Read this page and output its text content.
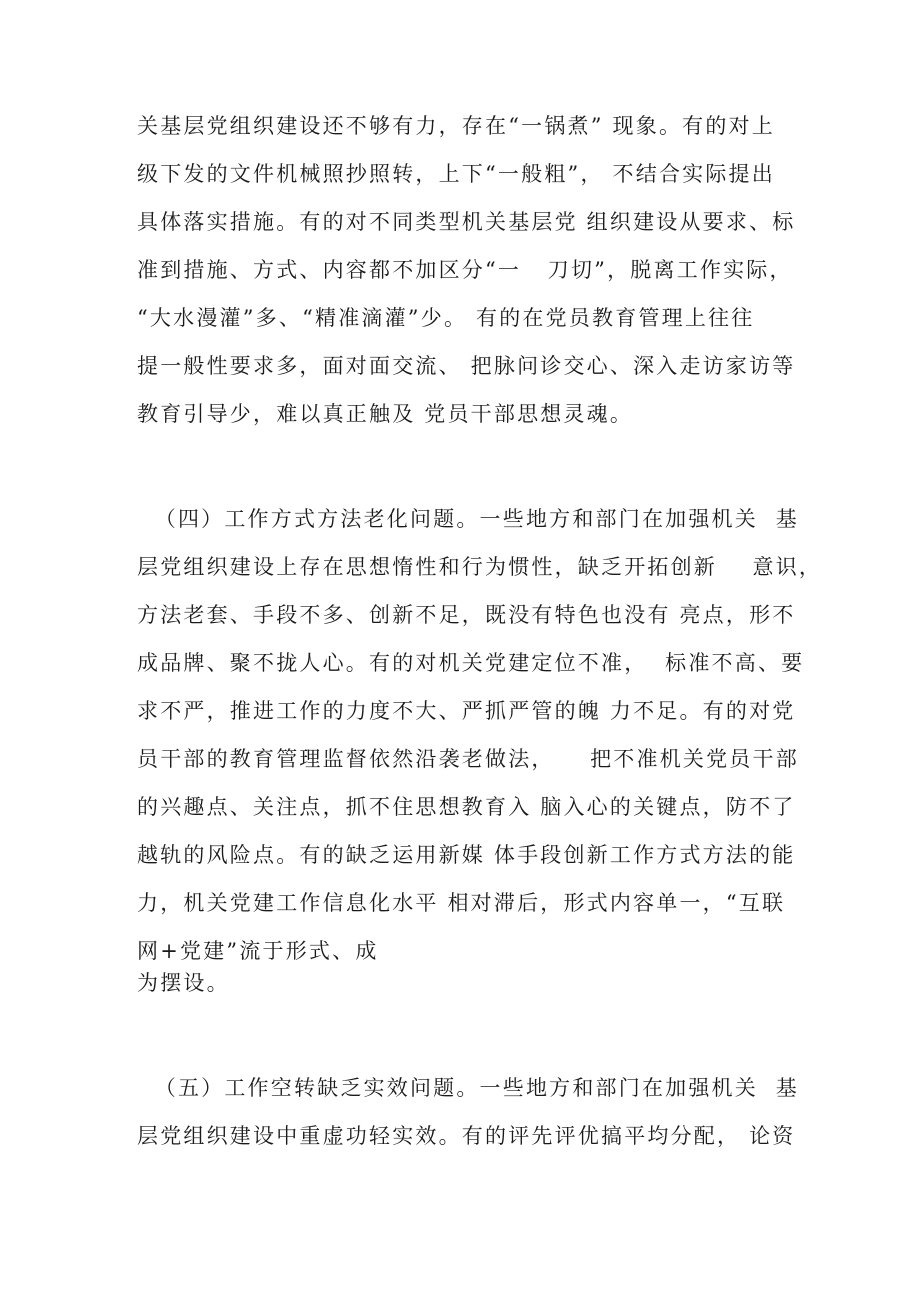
关基层党组织建设还不够有力，存在“一锅煮” 现象。有的对上
级下发的文件机械照抄照转，上下“一般粗”， 不结合实际提出
具体落实措施。有的对不同类型机关基层党 组织建设从要求、标
准到措施、方式、内容都不加区分“一   刀切”，脱离工作实际，
“大水漫灌”多、“精准滴灌”少。 有的在党员教育管理上往往
提一般性要求多，面对面交流、 把脉问诊交心、深入走访家访等
教育引导少，难以真正触及 党员干部思想灵魂。
（四）工作方式方法老化问题。一些地方和部门在加强机关  基
层党组织建设上存在思想惰性和行为惯性，缺乏开拓创新    意识，
方法老套、手段不多、创新不足，既没有特色也没有 亮点，形不
成品牌、聚不拢人心。有的对机关党建定位不准，  标准不高、要
求不严，推进工作的力度不大、严抓严管的魄 力不足。有的对党
员干部的教育管理监督依然沿袭老做法，    把不准机关党员干部
的兴趣点、关注点，抓不住思想教育入 脑入心的关键点，防不了
越轨的风险点。有的缺乏运用新媒 体手段创新工作方式方法的能
力，机关党建工作信息化水平 相对滞后，形式内容单一，“互联
网+党建”流于形式、成
为摆设。
（五）工作空转缺乏实效问题。一些地方和部门在加强机关  基
层党组织建设中重虚功轻实效。有的评先评优搞平均分配， 论资
